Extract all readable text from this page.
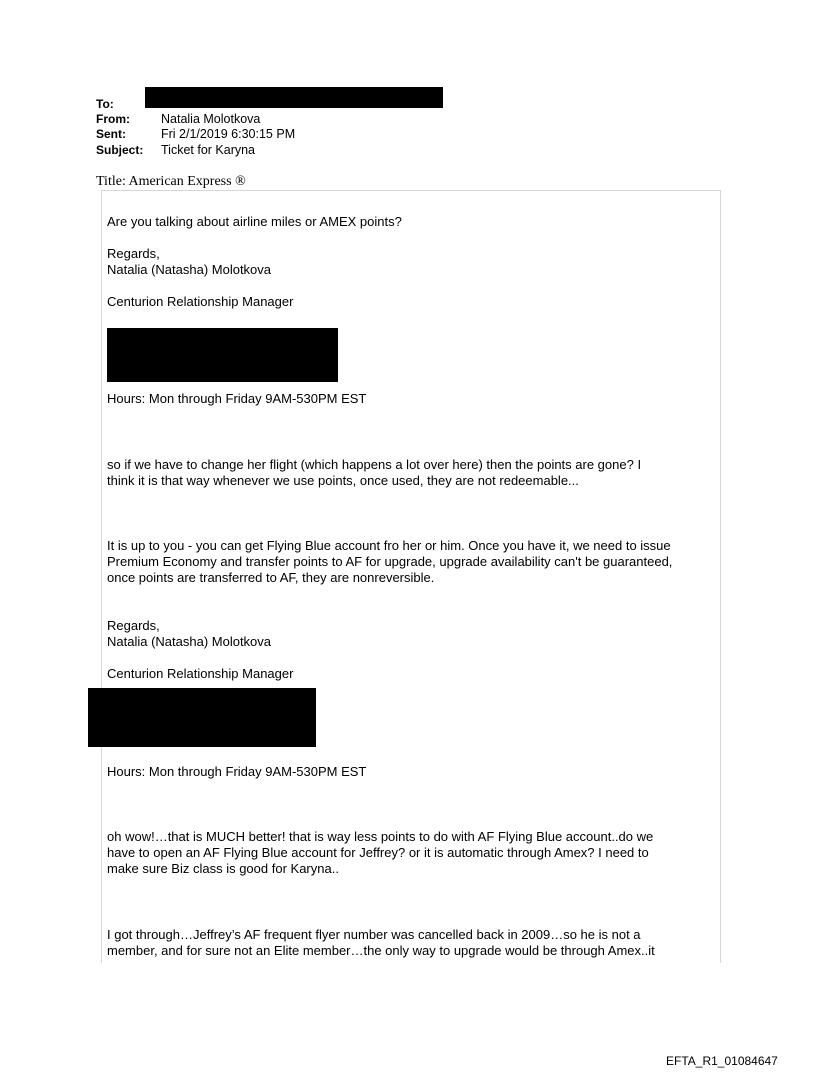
To:
From: Natalia Molotkova
Sent:	Fri 2/1/2019 6:30:15 PM
Subject: Ticket for Karyna
Title: American Express ®
Are you talking about airline miles or AMEX points?
Regards,
Natalia (Natasha) Molotkova
Centurion Relationship Manager
Hours: Mon through Friday 9AM-530PM EST
so if we have to change her flight (which happens a lot over here) then the points are gone? I
think it is that way whenever we use points, once used, they are not redeemable...
It is up to you - you can get Flying Blue account fro her or him. Once you have it, we need to issue
Premium Economy and transfer points to AF for upgrade, upgrade availability can't be guaranteed,
once points are transferred to AF, they are nonreversible.
Regards,
Natalia (Natasha) Molotkova
Centurion Relationship Manager
Hours: Mon through Friday 9AM-530PM EST
oh wow!…that is MUCH better! that is way less points to do with AF Flying Blue account..do we
have to open an AF Flying Blue account for Jeffrey? or it is automatic through Amex? I need to
make sure Biz class is good for Karyna..
I got through…Jeffrey’s AF frequent flyer number was cancelled back in 2009…so he is not a
member, and for sure not an Elite member…the only way to upgrade would be through Amex..it
EFTA_R1_01084647
